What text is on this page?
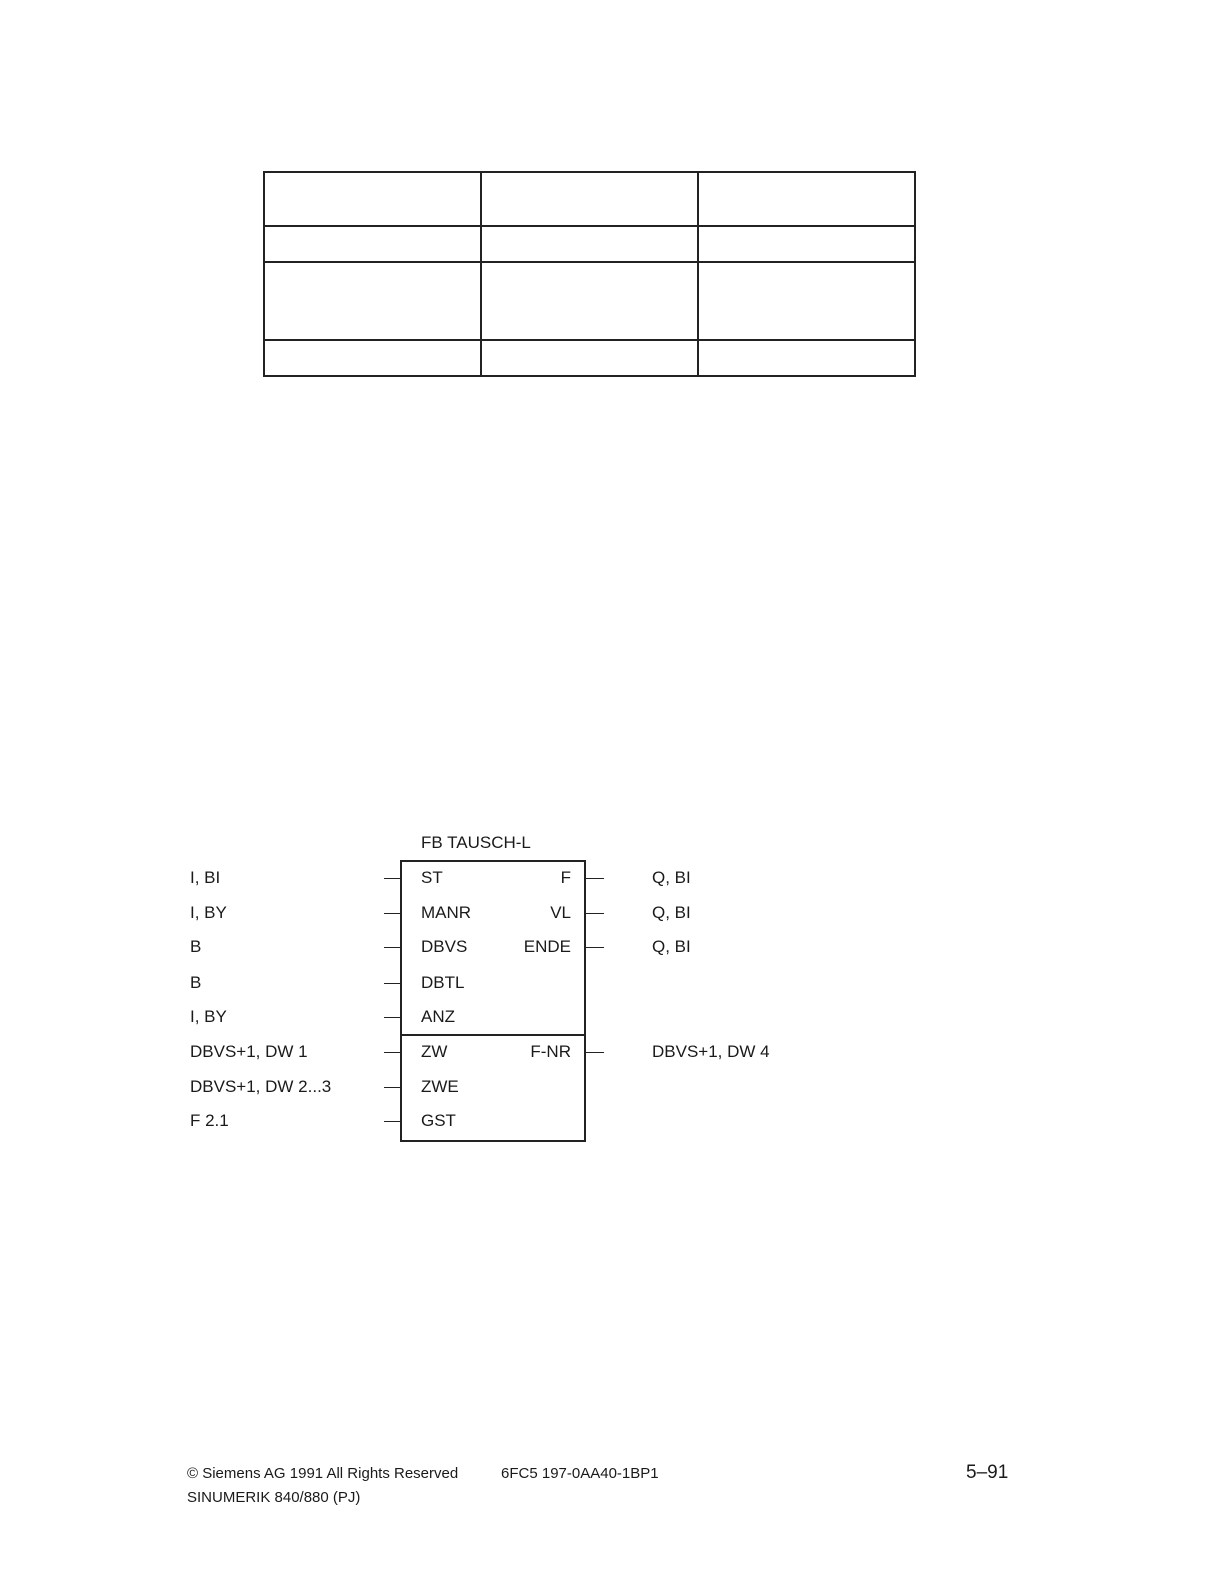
FB TAUSCH-L
I, BI	ST
I, BY	MANR
B	DBVS
B	DBTL
I, BY	ANZ
DBVS+1, DW 1	ZW
DBVS+1, DW 2...3	ZWE
F 2.1	GST
F	Q, BI
VL	Q, BI
ENDE	Q, BI
F-NR	DBVS+1, DW 4
© Siemens AG 1991 All Rights Reserved	6FC5 197-0AA40-1BP1
SINUMERIK 840/880 (PJ)
5–91
